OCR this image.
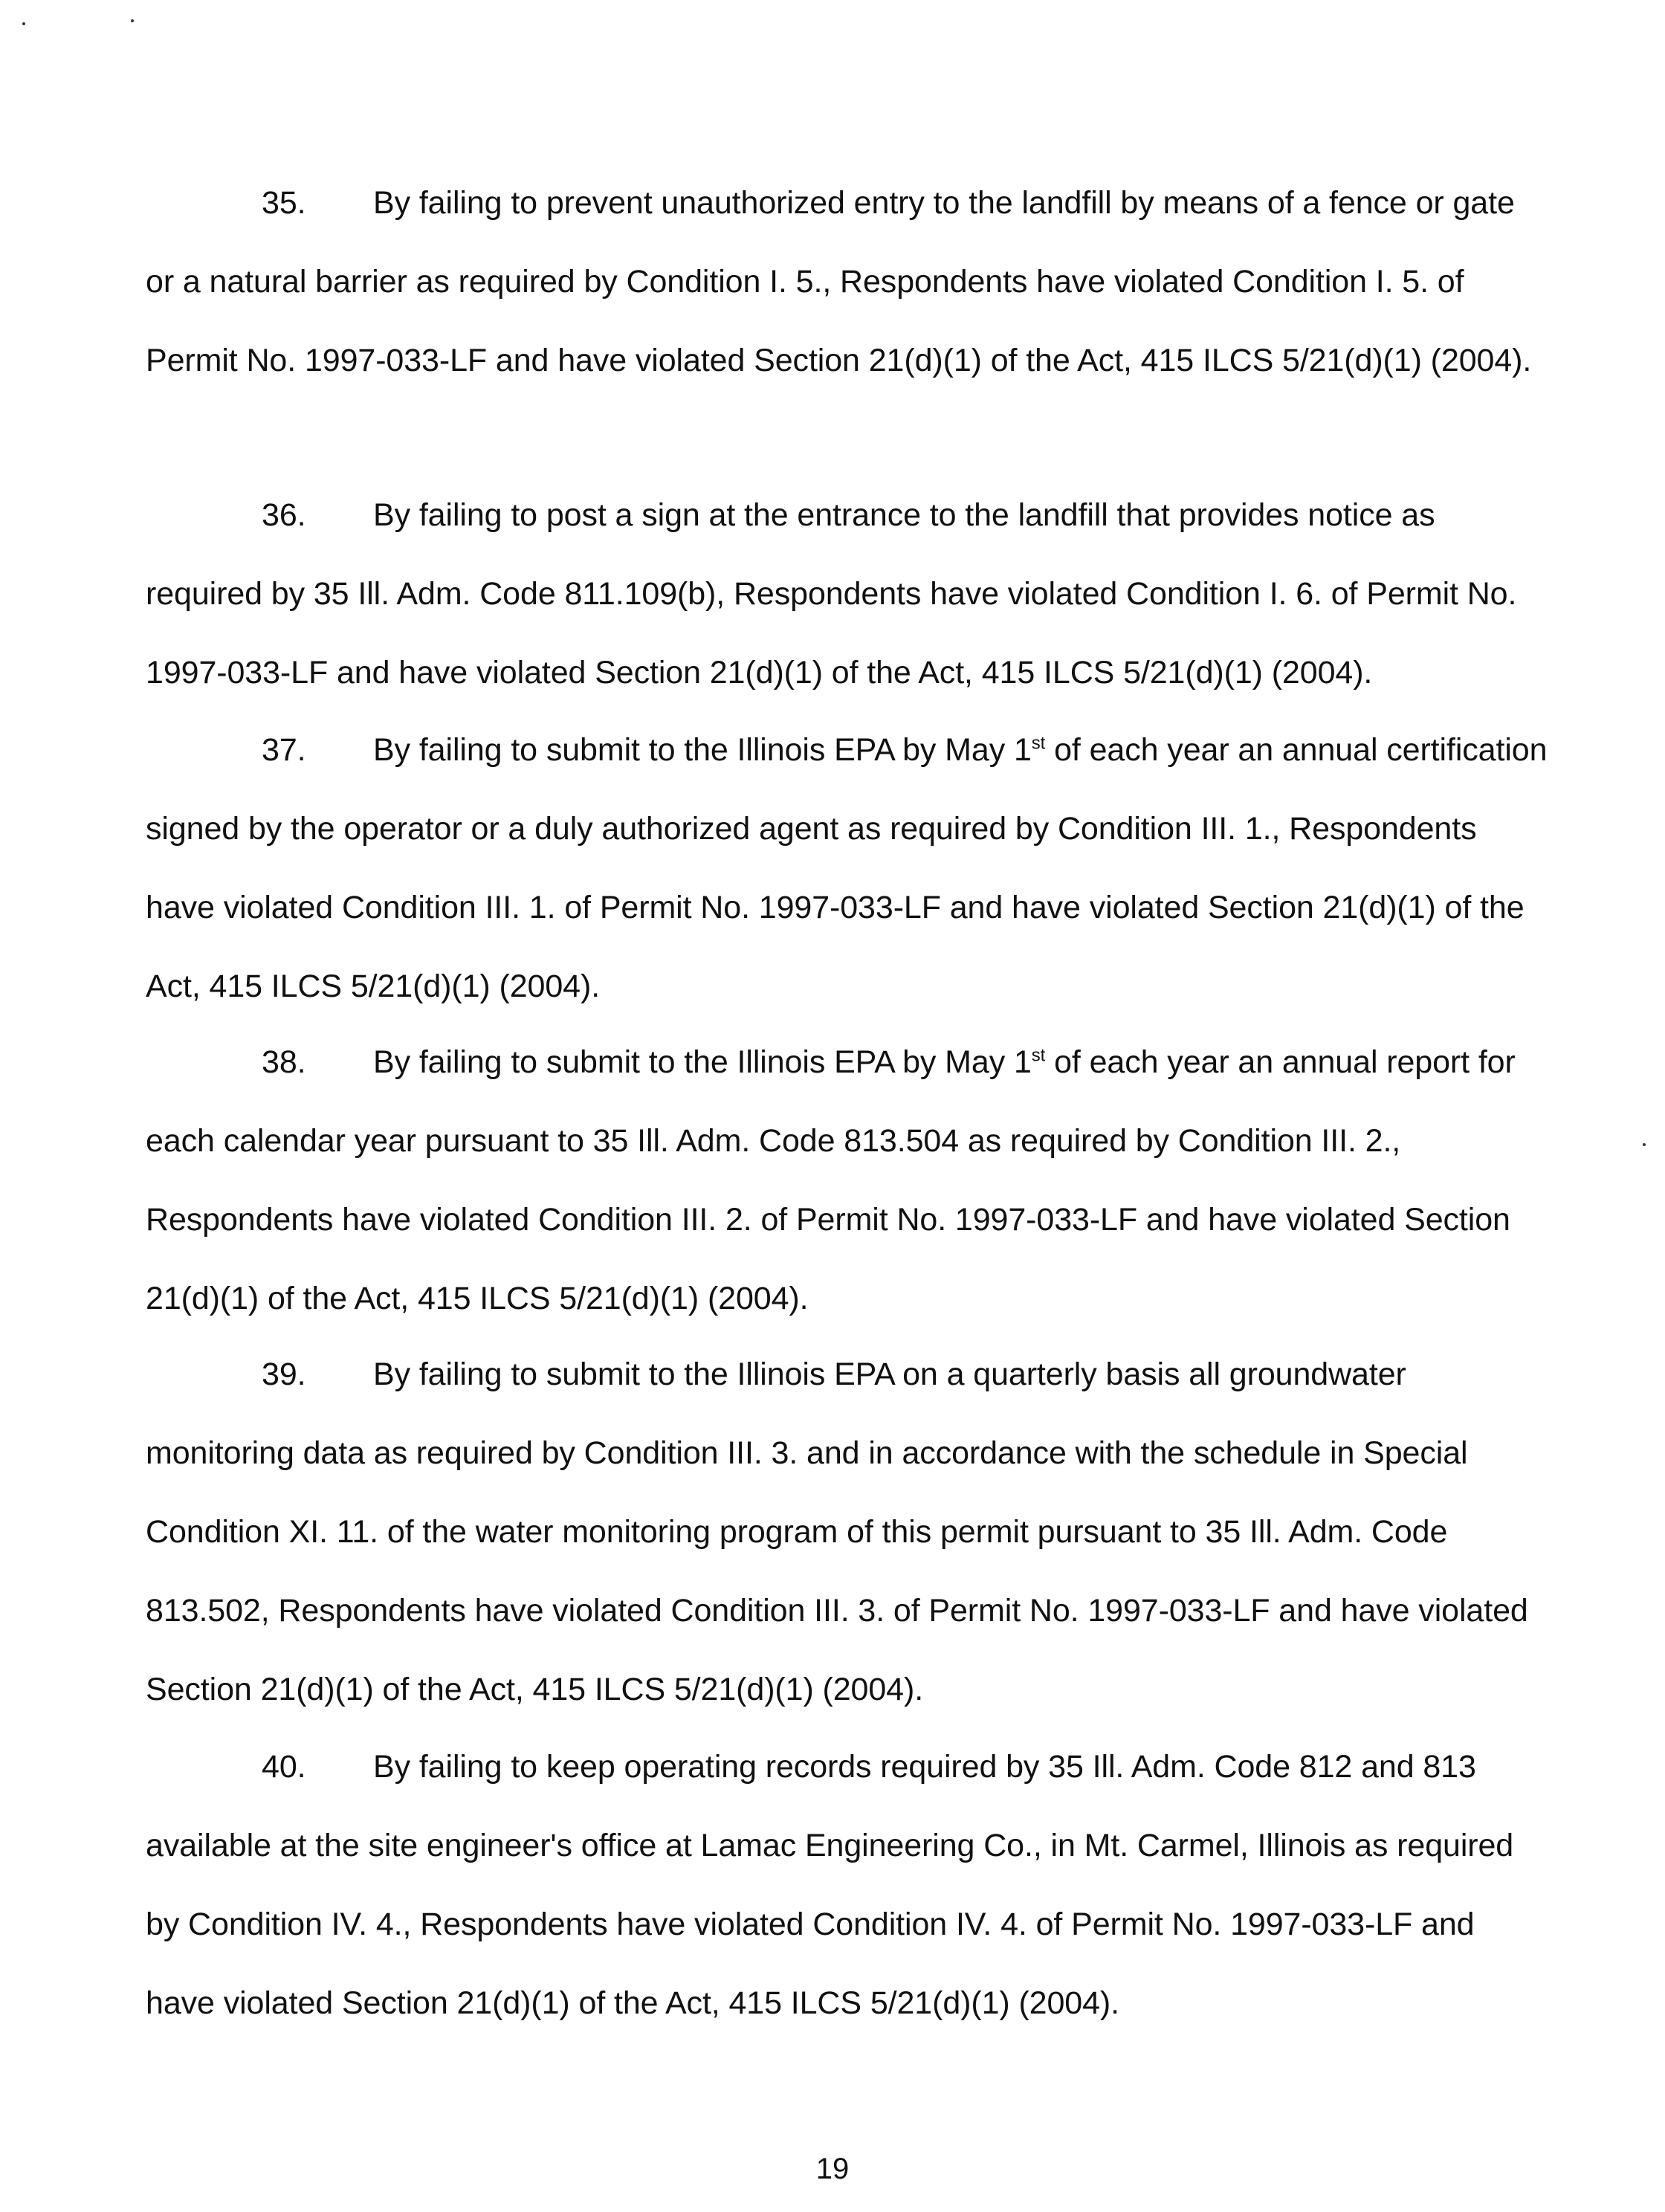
35. By failing to prevent unauthorized entry to the landfill by means of a fence or gate or a natural barrier as required by Condition I. 5., Respondents have violated Condition I. 5. of Permit No. 1997-033-LF and have violated Section 21(d)(1) of the Act, 415 ILCS 5/21(d)(1) (2004).
36. By failing to post a sign at the entrance to the landfill that provides notice as required by 35 Ill. Adm. Code 811.109(b), Respondents have violated Condition I. 6. of Permit No. 1997-033-LF and have violated Section 21(d)(1) of the Act, 415 ILCS 5/21(d)(1) (2004).
37. By failing to submit to the Illinois EPA by May 1st of each year an annual certification signed by the operator or a duly authorized agent as required by Condition III. 1., Respondents have violated Condition III. 1. of Permit No. 1997-033-LF and have violated Section 21(d)(1) of the Act, 415 ILCS 5/21(d)(1) (2004).
38. By failing to submit to the Illinois EPA by May 1st of each year an annual report for each calendar year pursuant to 35 Ill. Adm. Code 813.504 as required by Condition III. 2., Respondents have violated Condition III. 2. of Permit No. 1997-033-LF and have violated Section 21(d)(1) of the Act, 415 ILCS 5/21(d)(1) (2004).
39. By failing to submit to the Illinois EPA on a quarterly basis all groundwater monitoring data as required by Condition III. 3. and in accordance with the schedule in Special Condition XI. 11. of the water monitoring program of this permit pursuant to 35 Ill. Adm. Code 813.502, Respondents have violated Condition III. 3. of Permit No. 1997-033-LF and have violated Section 21(d)(1) of the Act, 415 ILCS 5/21(d)(1) (2004).
40. By failing to keep operating records required by 35 Ill. Adm. Code 812 and 813 available at the site engineer's office at Lamac Engineering Co., in Mt. Carmel, Illinois as required by Condition IV. 4., Respondents have violated Condition IV. 4. of Permit No. 1997-033-LF and have violated Section 21(d)(1) of the Act, 415 ILCS 5/21(d)(1) (2004).
19
